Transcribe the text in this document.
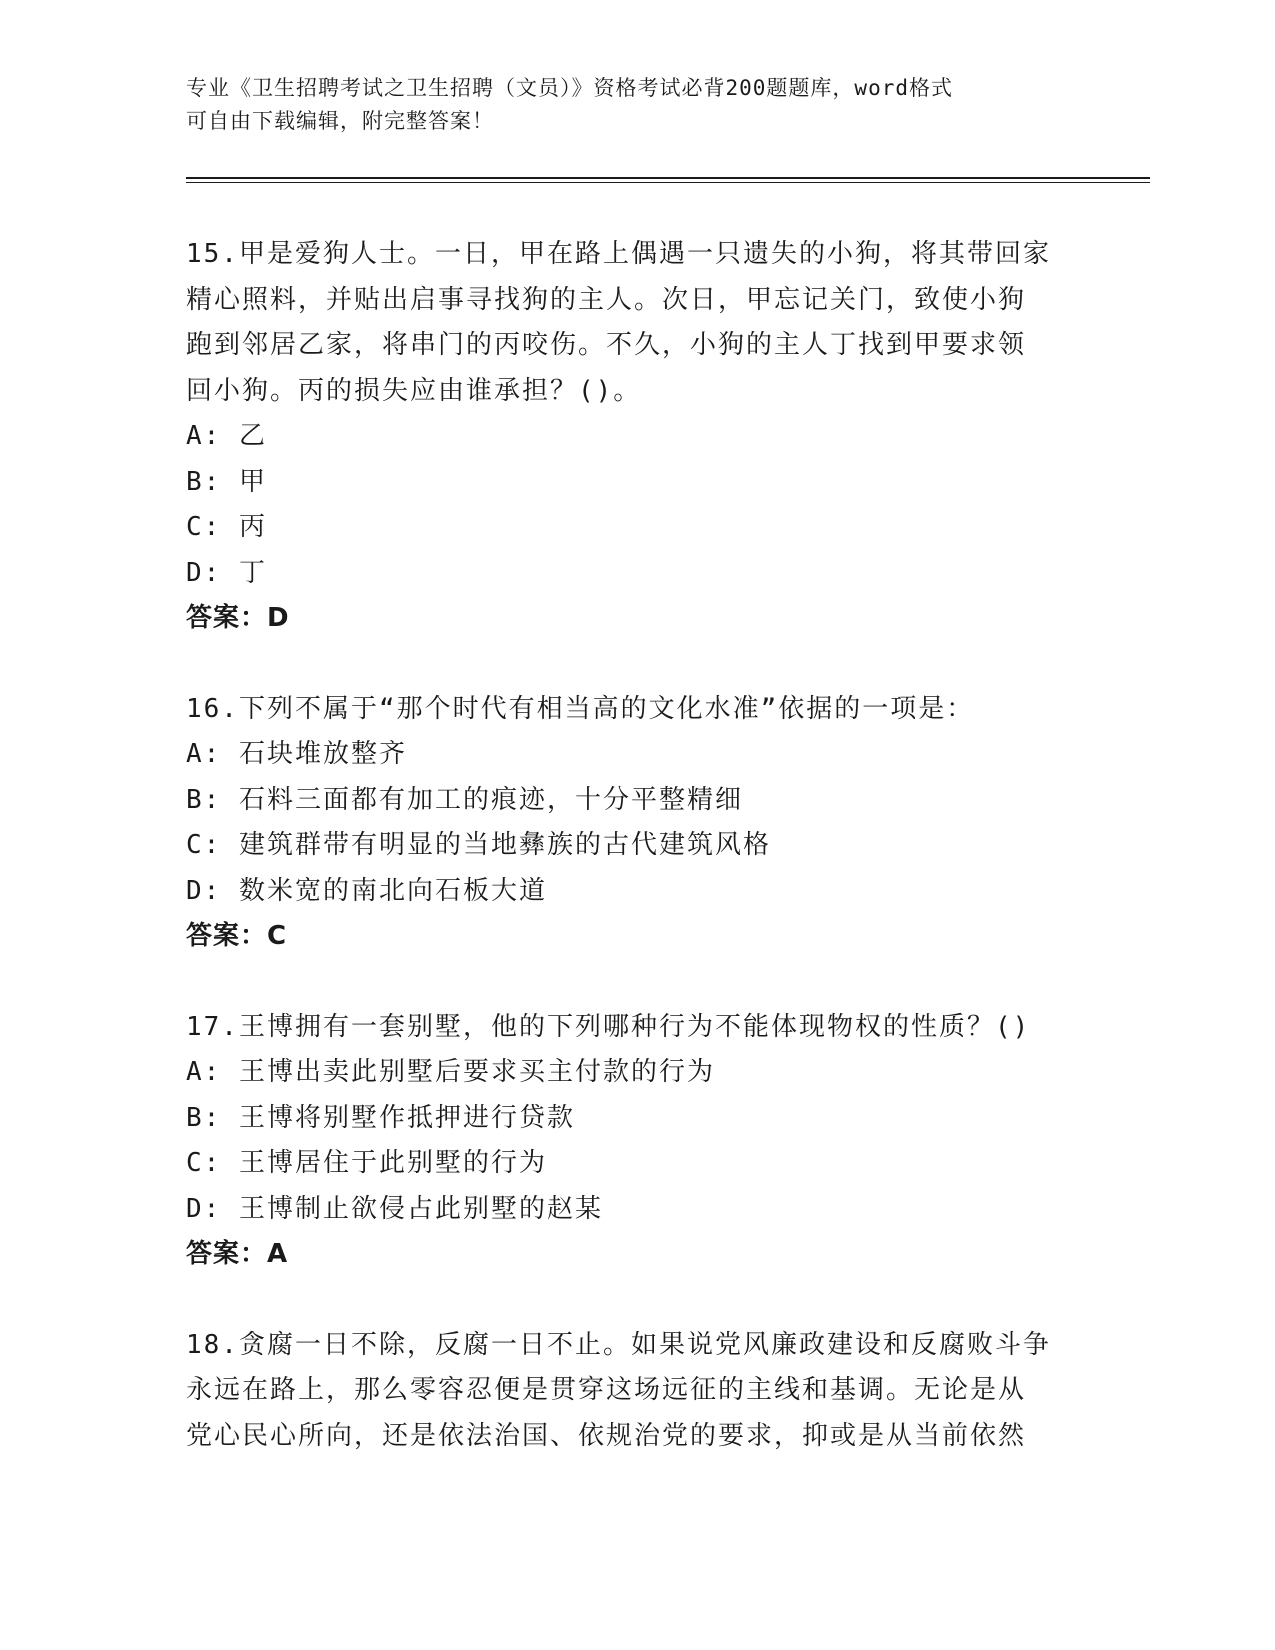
专业《卫生招聘考试之卫生招聘（文员）》资格考试必背200题题库，word格式
可自由下载编辑，附完整答案！
15.甲是爱狗人士。一日，甲在路上偶遇一只遗失的小狗，将其带回家
精心照料，并贴出启事寻找狗的主人。次日，甲忘记关门，致使小狗
跑到邻居乙家，将串门的丙咬伤。不久，小狗的主人丁找到甲要求领
回小狗。丙的损失应由谁承担？()。
A: 乙
B: 甲
C: 丙
D: 丁
答案：D
16.下列不属于“那个时代有相当高的文化水准”依据的一项是：
A: 石块堆放整齐
B: 石料三面都有加工的痕迹，十分平整精细
C: 建筑群带有明显的当地彝族的古代建筑风格
D: 数米宽的南北向石板大道
答案：C
17.王博拥有一套别墅，他的下列哪种行为不能体现物权的性质？()
A: 王博出卖此别墅后要求买主付款的行为
B: 王博将别墅作抵押进行贷款
C: 王博居住于此别墅的行为
D: 王博制止欲侵占此别墅的赵某
答案：A
18.贪腐一日不除，反腐一日不止。如果说党风廉政建设和反腐败斗争
永远在路上，那么零容忍便是贯穿这场远征的主线和基调。无论是从
党心民心所向，还是依法治国、依规治党的要求，抑或是从当前依然
